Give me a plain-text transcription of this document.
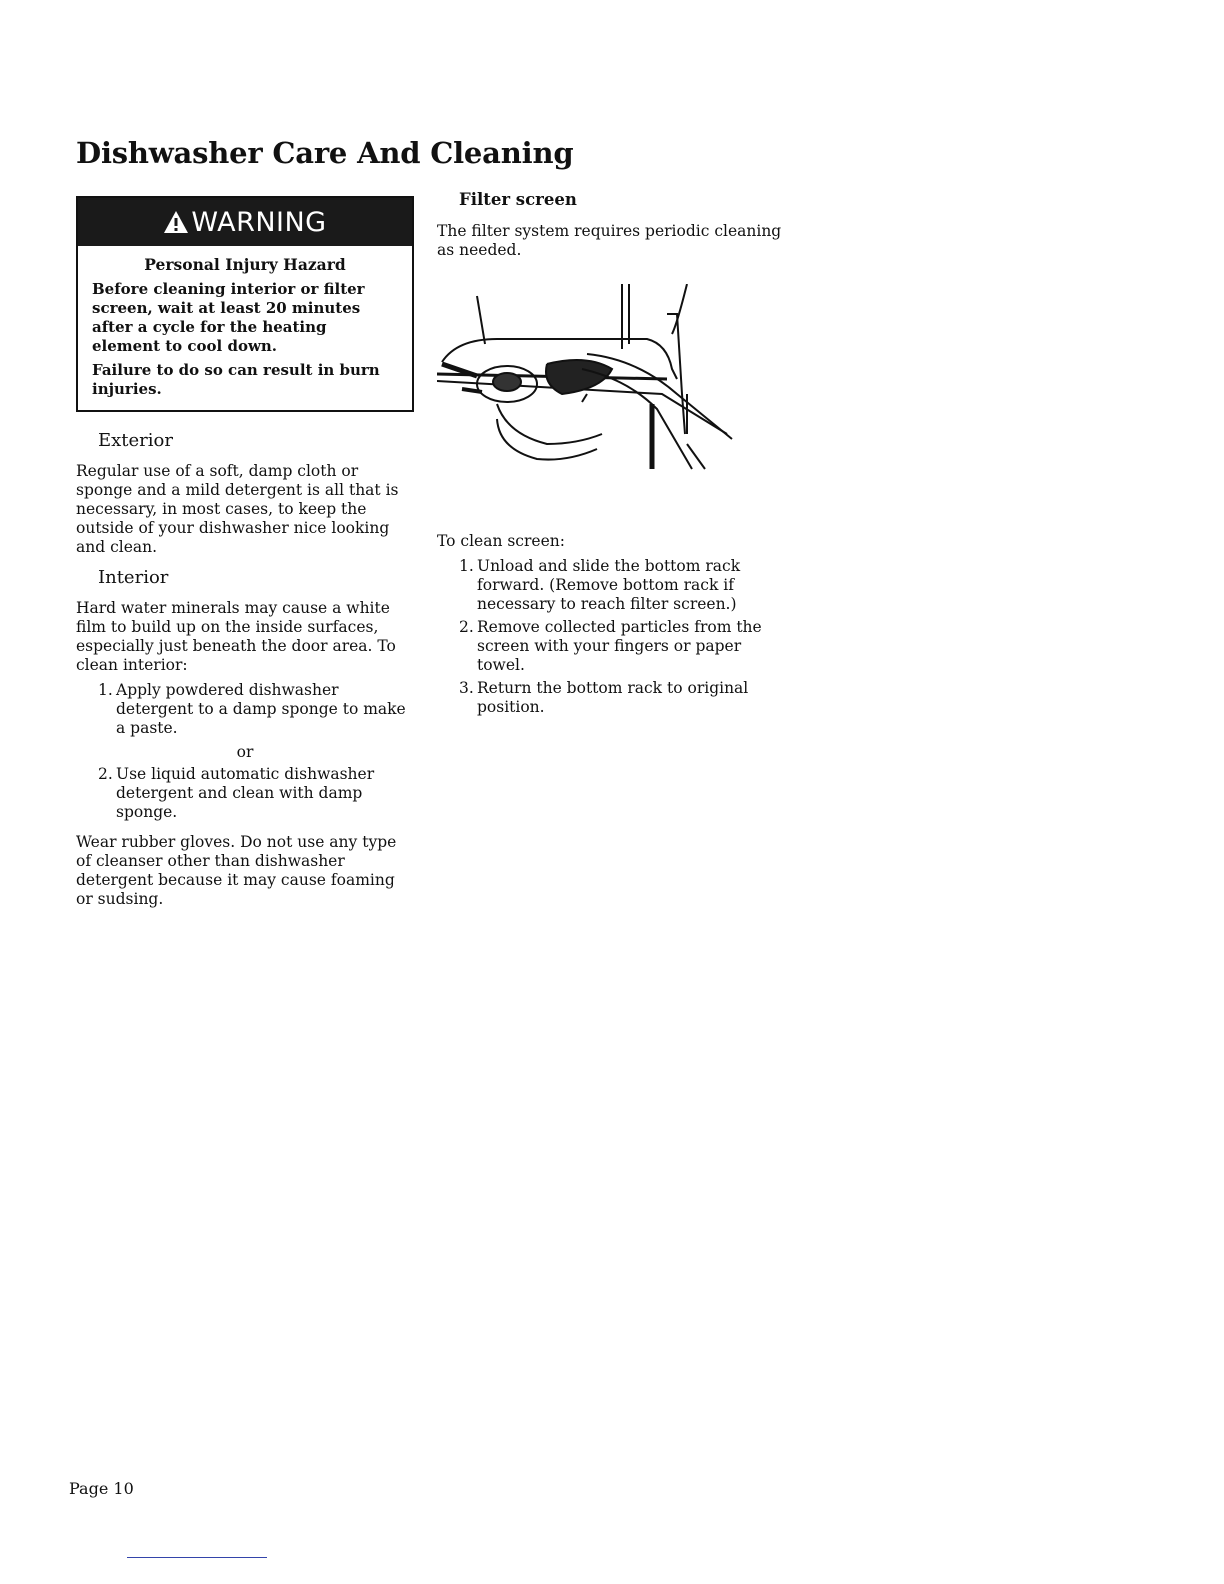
Dishwasher Care And Cleaning
WARNING
Personal Injury Hazard

Before cleaning interior or filter screen, wait at least 20 minutes after a cycle for the heating element to cool down.

Failure to do so can result in burn injuries.

Exterior

Regular use of a soft, damp cloth or sponge and a mild detergent is all that is necessary, in most cases, to keep the outside of your dishwasher nice looking and clean.

Interior

Hard water minerals may cause a white film to build up on the inside surfaces, especially just beneath the door area. To clean interior:

1. Apply powdered dishwasher detergent to a damp sponge to make a paste.
or
2. Use liquid automatic dishwasher detergent and clean with damp sponge.

Wear rubber gloves. Do not use any type of cleanser other than dishwasher detergent because it may cause foaming or sudsing.

Filter screen

The filter system requires periodic cleaning as needed.

To clean screen:

1. Unload and slide the bottom rack forward. (Remove bottom rack if necessary to reach filter screen.)
2. Remove collected particles from the screen with your fingers or paper towel.
3. Return the bottom rack to original position.
Page 10
